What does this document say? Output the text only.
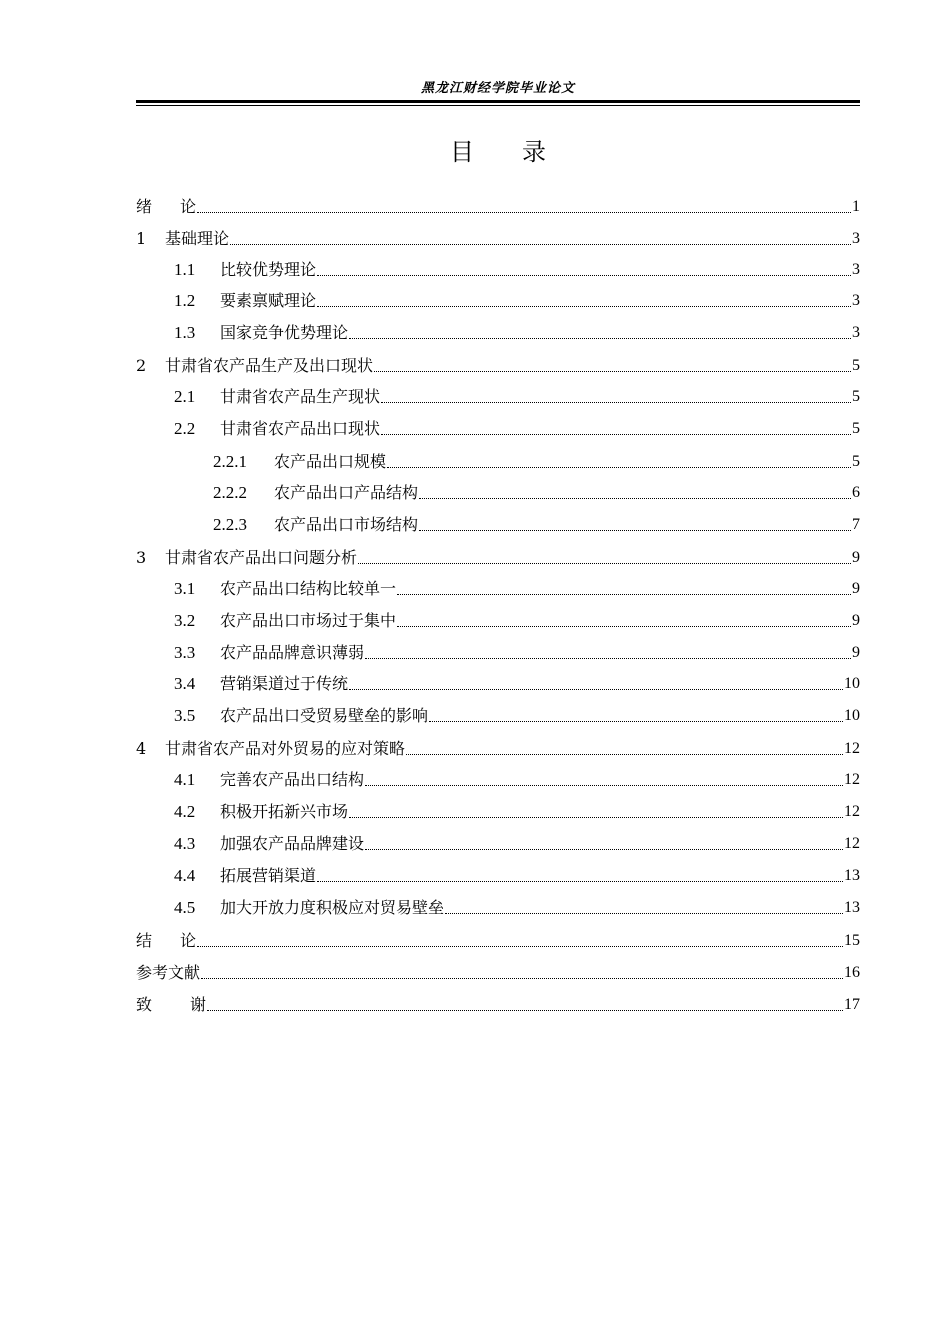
黑龙江财经学院毕业论文
目 录
绪论	1
1	基础理论	3
1.1	比较优势理论	3
1.2	要素禀赋理论	3
1.3	国家竞争优势理论	3
2	甘肃省农产品生产及出口现状	5
2.1	甘肃省农产品生产现状	5
2.2	甘肃省农产品出口现状	5
2.2.1	农产品出口规模	5
2.2.2	农产品出口产品结构	6
2.2.3	农产品出口市场结构	7
3	甘肃省农产品出口问题分析	9
3.1	农产品出口结构比较单一	9
3.2	农产品出口市场过于集中	9
3.3	农产品品牌意识薄弱	9
3.4	营销渠道过于传统	10
3.5	农产品出口受贸易壁垒的影响	10
4	甘肃省农产品对外贸易的应对策略	12
4.1	完善农产品出口结构	12
4.2	积极开拓新兴市场	12
4.3	加强农产品品牌建设	12
4.4	拓展营销渠道	13
4.5	加大开放力度积极应对贸易壁垒	13
结论	15
参考文献	16
致谢	17
